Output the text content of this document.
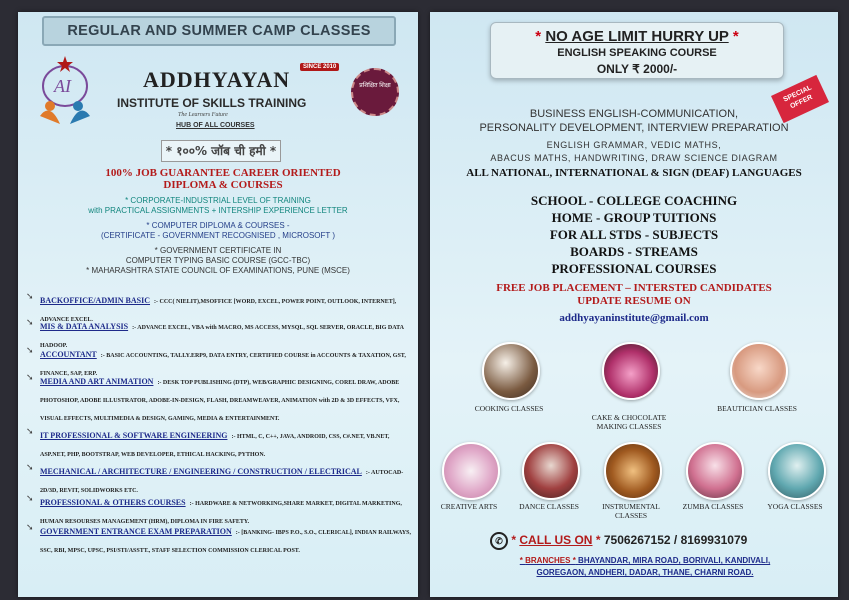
REGULAR AND SUMMER CAMP CLASSES
AI	ADDHYAYAN	SINCE 2010
प्रशिक्षित शिक्षा
INSTITUTE OF SKILLS TRAINING
The Learners Future
HUB OF ALL COURSES
* १००% जॉब ची हमी *
100% JOB GUARANTEE CAREER ORIENTED
DIPLOMA & COURSES
* CORPORATE-INDUSTRIAL LEVEL OF TRAINING
with PRACTICAL ASSIGNMENTS + INTERSHIP EXPERIENCE LETTER
* COMPUTER DIPLOMA & COURSES -
(CERTIFICATE - GOVERNMENT RECOGNISED , MICROSOFT )
* GOVERNMENT CERTIFICATE IN
COMPUTER TYPING BASIC COURSE (GCC-TBC)
* MAHARASHTRA STATE COUNCIL OF EXAMINATIONS, PUNE (MSCE)
➘ BACKOFFICE/ADMIN BASIC :- CCC( NIELIT),MSOFFICE [WORD, EXCEL, POWER POINT, OUTLOOK, INTERNET], ADVANCE EXCEL.
➘ MIS & DATA ANALYSIS :- ADVANCE EXCEL, VBA with MACRO, MS ACCESS, MYSQL, SQL SERVER, ORACLE, BIG DATA HADOOP.
➘ ACCOUNTANT :- BASIC ACCOUNTING, TALLY.ERP9, DATA ENTRY, CERTIFIED COURSE in ACCOUNTS & TAXATION, GST, FINANCE, SAP, ERP.
➘ MEDIA AND ART ANIMATION :- DESK TOP PUBLISHING (DTP), WEB/GRAPHIC DESIGNING, COREL DRAW, ADOBE PHOTOSHOP, ADOBE ILLUSTRATOR, ADOBE-IN-DESIGN, FLASH, DREAMWEAVER, ANIMATION with 2D & 3D EFFECTS, VFX, VISUAL EFFECTS, MULTIMEDIA & DESIGN, GAMING, MEDIA & ENTERTAINMENT.
➘ IT PROFESSIONAL & SOFTWARE ENGINEERING :- HTML, C, C++, JAVA, ANDROID, CSS, C#.NET, VB.NET, ASP.NET, PHP, BOOTSTRAP, WEB DEVELOPER, ETHICAL HACKING, PYTHON.
➘ MECHANICAL / ARCHITECTURE / ENGINEERING / CONSTRUCTION / ELECTRICAL :- AUTOCAD-2D/3D, REVIT, SOLIDWORKS ETC.
➘ PROFESSIONAL & OTHERS COURSES :- HARDWARE & NETWORKING,SHARE MARKET, DIGITAL MARKETING, HUMAN RESOURSES MANAGEMENT (HRM), DIPLOMA IN FIRE SAFETY.
➘ GOVERNMENT ENTRANCE EXAM PREPARATION :- [BANKING- IBPS P.O., S.O., CLERICAL], INDIAN RAILWAYS, SSC, RBI, MPSC, UPSC, PSI/STI/ASSTT., STAFF SELECTION COMMISSION CLERICAL POST.
* NO AGE LIMIT HURRY UP *
ENGLISH SPEAKING COURSE
ONLY ₹ 2000/-
SPECIAL OFFER
BUSINESS ENGLISH-COMMUNICATION,
PERSONALITY DEVELOPMENT, INTERVIEW PREPARATION
ENGLISH GRAMMAR, VEDIC MATHS,
ABACUS MATHS, HANDWRITING, DRAW SCIENCE DIAGRAM
ALL NATIONAL, INTERNATIONAL & SIGN (DEAF) LANGUAGES
SCHOOL - COLLEGE COACHING
HOME - GROUP TUITIONS
FOR ALL STDS - SUBJECTS
BOARDS - STREAMS
PROFESSIONAL COURSES
FREE JOB PLACEMENT – INTERSTED CANDIDATES
UPDATE RESUME ON
addhyayaninstitute@gmail.com
COOKING CLASSES
CAKE & CHOCOLATE MAKING CLASSES
BEAUTICIAN CLASSES
CREATIVE ARTS	DANCE CLASSES	INSTRUMENTAL CLASSES
ZUMBA CLASSES	YOGA CLASSES
✆ * CALL US ON * 7506267152 / 8169931079
* BRANCHES * BHAYANDAR, MIRA ROAD, BORIVALI, KANDIVALI, GOREGAON, ANDHERI, DADAR, THANE, CHARNI ROAD.
